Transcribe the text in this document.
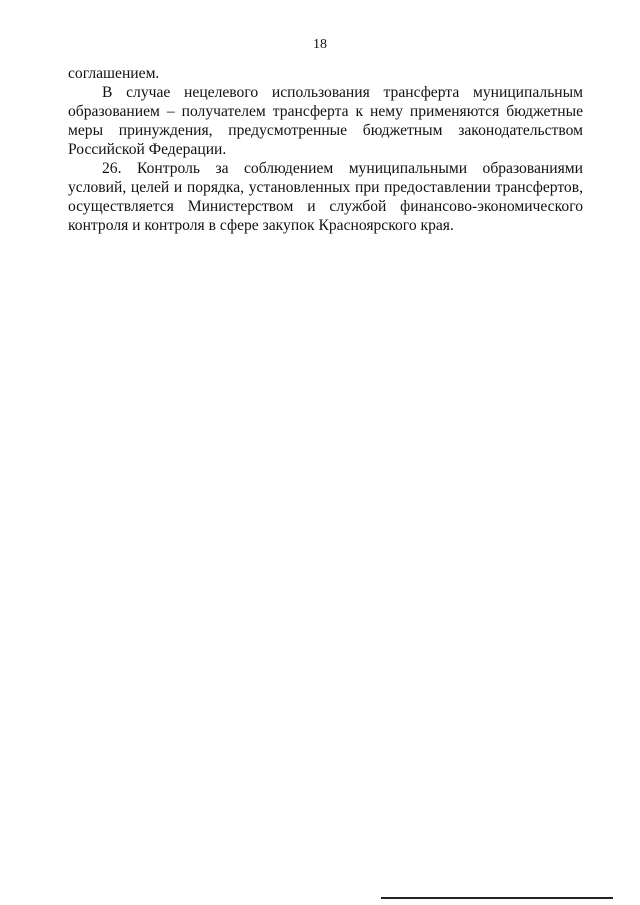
18

соглашением.

В случае нецелевого использования трансферта муниципальным образованием – получателем трансферта к нему применяются бюджетные меры принуждения, предусмотренные бюджетным законодательством Российской Федерации.

26. Контроль за соблюдением муниципальными образованиями условий, целей и порядка, установленных при предоставлении трансфертов, осуществляется Министерством и службой финансово-экономического контроля и контроля в сфере закупок Красноярского края.
